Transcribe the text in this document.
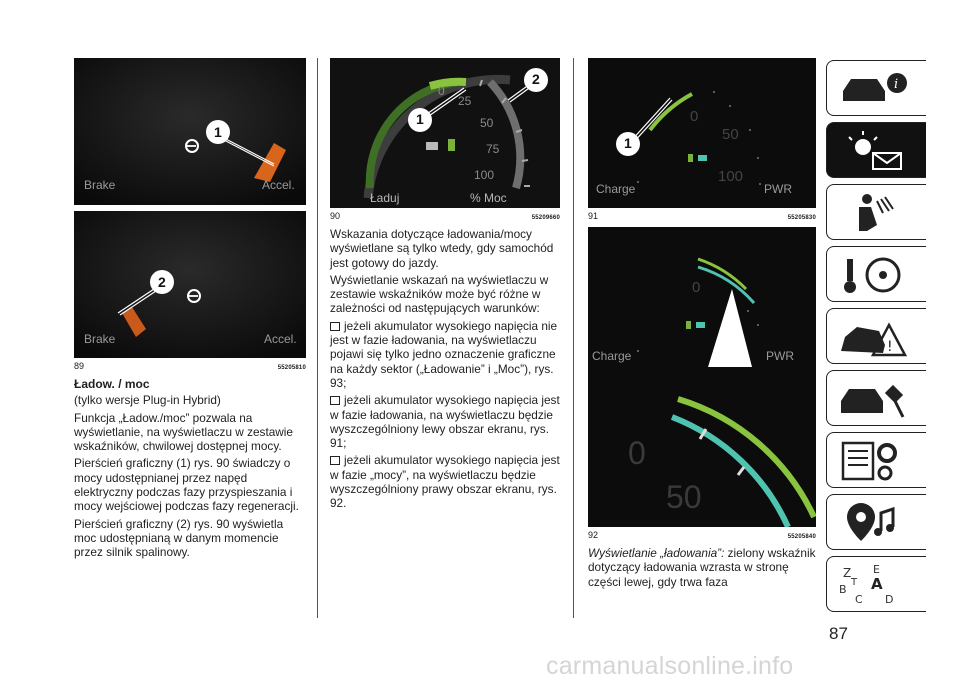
1
Brake	Accel.
2
Brake	Accel.
89	55205810
Ładow. / moc

(tylko wersje Plug-in Hybrid)

Funkcja „Ładow./moc” pozwala na wyświetlanie, na wyświetlaczu w zestawie wskaźników, chwilowej dostępnej mocy.

Pierścień graficzny (1) rys. 90 świadczy o mocy udostępnianej przez napęd elektryczny podczas fazy przyspieszania i mocy wejściowej podczas fazy regeneracji.

Pierścień graficzny (2) rys. 90 wyświetla moc udostępnianą w danym momencie przez silnik spalinowy.

1
2
0
25
50
75
100
Ładuj	% Moc
90	55209660

Wskazania dotyczące ładowania/mocy wyświetlane są tylko wtedy, gdy samochód jest gotowy do jazdy.

Wyświetlanie wskazań na wyświetlaczu w zestawie wskaźników może być różne w zależności od następujących warunków:

jeżeli akumulator wysokiego napięcia nie jest w fazie ładowania, na wyświetlaczu pojawi się tylko jedno oznaczenie graficzne na każdy sektor („Ładowanie” i „Moc”), rys. 93;

jeżeli akumulator wysokiego napięcia jest w fazie ładowania, na wyświetlaczu będzie wyszczególniony lewy obszar ekranu, rys. 91;

jeżeli akumulator wysokiego napięcia jest w fazie „mocy”, na wyświetlaczu będzie wyszczególniony prawy obszar ekranu, rys. 92.

1
0
50
100
Charge	PWR
91	55205830
0
Charge	PWR
0
50
92	55205840

Wyświetlanie „ładowania”: zielony wskaźnik dotyczący ładowania wzrasta w stronę części lewej, gdy trwa faza

i
!
Z E
B A
C D
T
87
carmanualsonline.info
